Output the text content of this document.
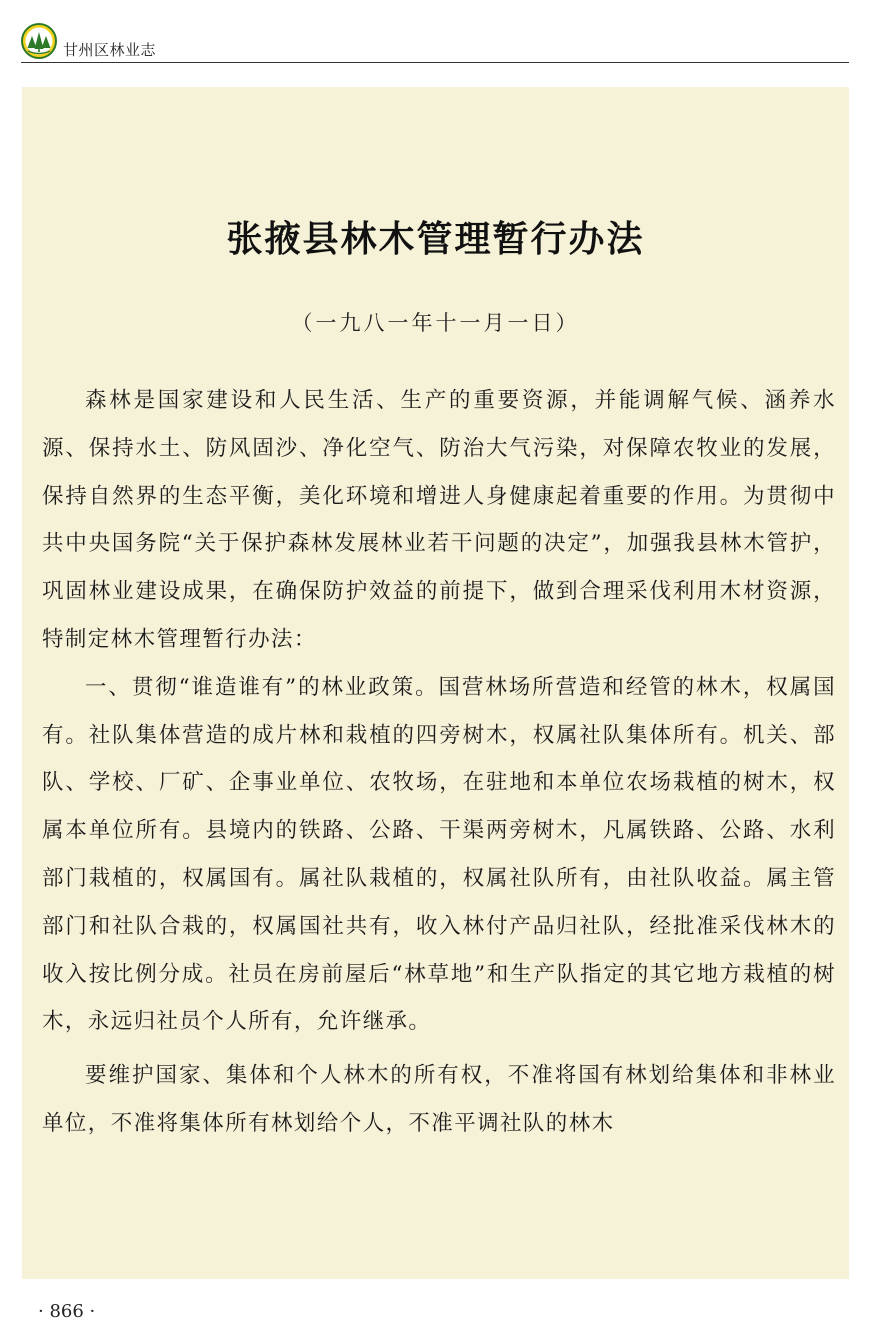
甘州区林业志
张掖县林木管理暂行办法
（一九八一年十一月一日）

森林是国家建设和人民生活、生产的重要资源，并能调解气候、涵养水源、保持水土、防风固沙、净化空气、防治大气污染，对保障农牧业的发展，保持自然界的生态平衡，美化环境和增进人身健康起着重要的作用。为贯彻中共中央国务院“关于保护森林发展林业若干问题的决定”，加强我县林木管护，巩固林业建设成果，在确保防护效益的前提下，做到合理采伐利用木材资源，特制定林木管理暂行办法：

一、贯彻“谁造谁有”的林业政策。国营林场所营造和经管的林木，权属国有。社队集体营造的成片林和栽植的四旁树木，权属社队集体所有。机关、部队、学校、厂矿、企事业单位、农牧场，在驻地和本单位农场栽植的树木，权属本单位所有。县境内的铁路、公路、干渠两旁树木，凡属铁路、公路、水利部门栽植的，权属国有。属社队栽植的，权属社队所有，由社队收益。属主管部门和社队合栽的，权属国社共有，收入林付产品归社队，经批准采伐林木的收入按比例分成。社员在房前屋后“林草地”和生产队指定的其它地方栽植的树木，永远归社员个人所有，允许继承。

要维护国家、集体和个人林木的所有权，不准将国有林划给集体和非林业单位，不准将集体所有林划给个人，不准平调社队的林木

· 866 ·
